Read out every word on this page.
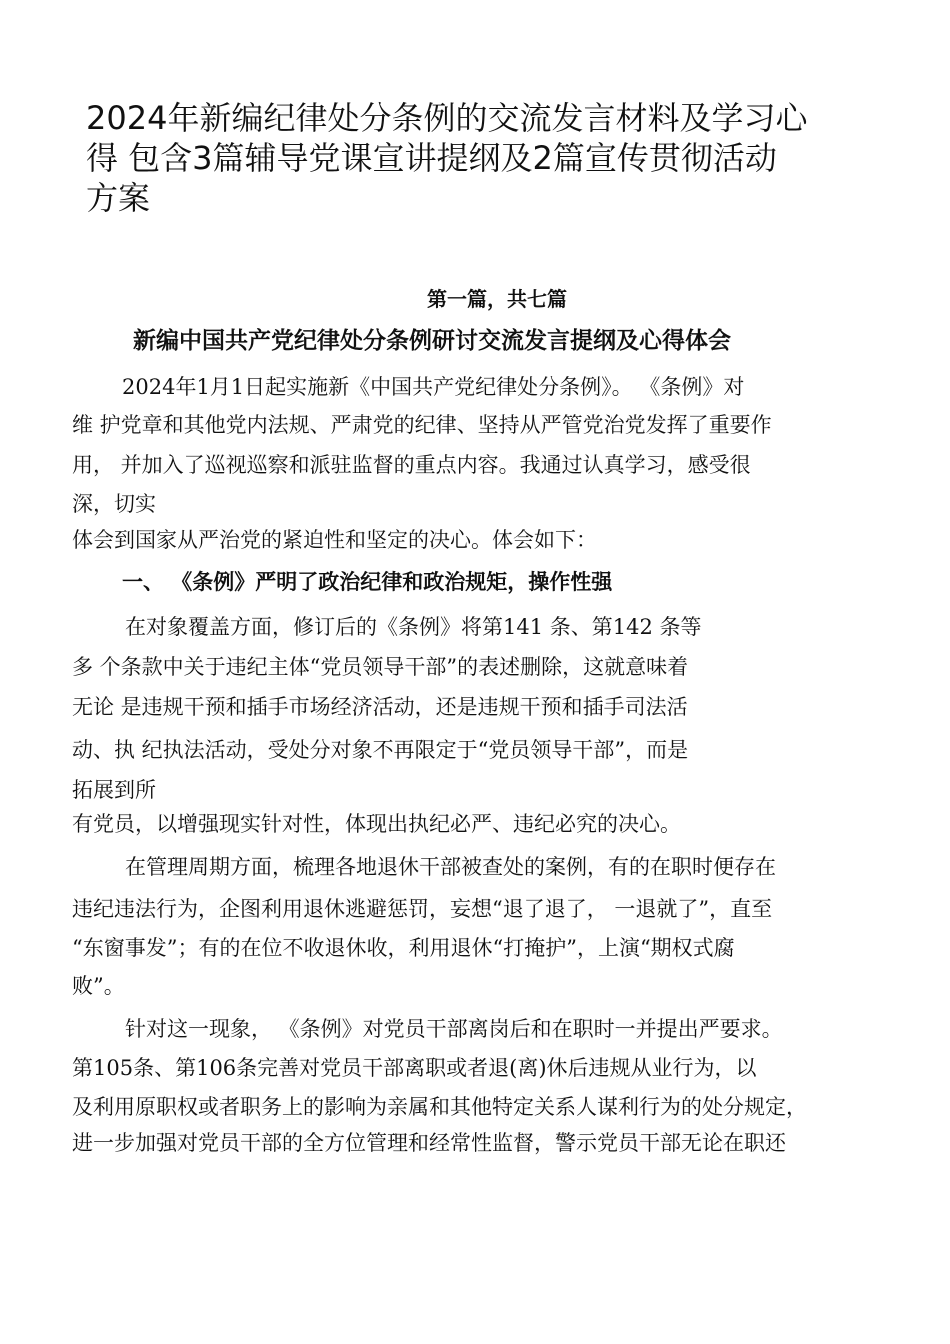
2024年新编纪律处分条例的交流发言材料及学习心
得 包含3篇辅导党课宣讲提纲及2篇宣传贯彻活动
方案
第一篇，共七篇
新编中国共产党纪律处分条例研讨交流发言提纲及心得体会
2024年1月1日起实施新《中国共产党纪律处分条例》。 《条例》对
维 护党章和其他党内法规、严肃党的纪律、坚持从严管党治党发挥了重要作
用， 并加入了巡视巡察和派驻监督的重点内容。我通过认真学习，感受很
深，切实
体会到国家从严治党的紧迫性和坚定的决心。体会如下：
一、 《条例》严明了政治纪律和政治规矩，操作性强
在对象覆盖方面，修订后的《条例》将第141 条、第142 条等
多 个条款中关于违纪主体“党员领导干部”的表述删除，这就意味着
无论 是违规干预和插手市场经济活动，还是违规干预和插手司法活
动、执 纪执法活动，受处分对象不再限定于“党员领导干部”，而是
拓展到所
有党员，以增强现实针对性，体现出执纪必严、违纪必究的决心。
在管理周期方面，梳理各地退休干部被查处的案例，有的在职时便存在
违纪违法行为，企图利用退休逃避惩罚，妄想“退了退了， 一退就了”，直至
“东窗事发”；有的在位不收退休收，利用退休“打掩护”，上演“期权式腐
败”。
针对这一现象， 《条例》对党员干部离岗后和在职时一并提出严要求。
第105条、第106条完善对党员干部离职或者退(离)休后违规从业行为，以
及利用原职权或者职务上的影响为亲属和其他特定关系人谋利行为的处分规定，
进一步加强对党员干部的全方位管理和经常性监督，警示党员干部无论在职还
